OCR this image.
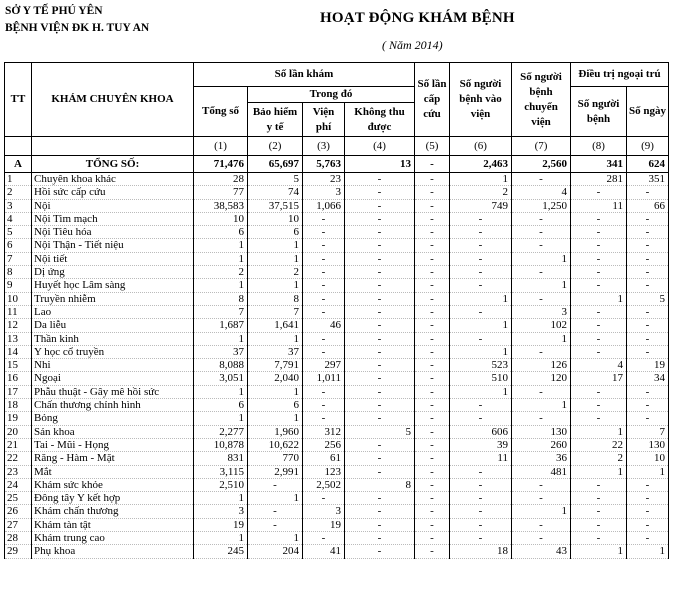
SỞ Y TẾ PHÚ YÊN
BỆNH VIỆN ĐK H. TUY AN
HOẠT ĐỘNG KHÁM BỆNH
( Năm 2014)
TT	KHÁM CHUYÊN KHOA	Số lần khám				Số lần cấp cứu	Số người bệnh vào viện	Số người bệnh chuyển viện	Điều trị ngoại trú	
		Tổng số	Trong đó						Số người bệnh	Số ngày
			Bảo hiểm y tế	Viện phí	Không thu được					
		(1)	(2)	(3)	(4)	(5)	(6)	(7)	(8)	(9)
A	TỔNG SỐ:	71,476	65,697	5,763	13	-	2,463	2,560	341	624
1	Chuyên khoa khác	28	5	23	-	-	1	-	281	351
2	Hồi sức cấp cứu	77	74	3	-	-	2	4	-	-
3	Nội	38,583	37,515	1,066	-	-	749	1,250	11	66
4	Nội Tim mạch	10	10	-	-	-	-	-	-	-
5	Nội Tiêu hóa	6	6	-	-	-	-	-	-	-
6	Nội Thận - Tiết niệu	1	1	-	-	-	-	-	-	-
7	Nội tiết	1	1	-	-	-	-	1	-	-
8	Dị ứng	2	2	-	-	-	-	-	-	-
9	Huyết học Lâm sàng	1	1	-	-	-	-	1	-	-
10	Truyền nhiễm	8	8	-	-	-	1	-	1	5
11	Lao	7	7	-	-	-	-	3	-	-
12	Da liễu	1,687	1,641	46	-	-	1	102	-	-
13	Thần kinh	1	1	-	-	-	-	1	-	-
14	Y học cổ truyền	37	37	-	-	-	1	-	-	-
15	Nhi	8,088	7,791	297	-	-	523	126	4	19
16	Ngoại	3,051	2,040	1,011	-	-	510	120	17	34
17	Phẫu thuật - Gây mê hồi sức	1	1	-	-	-	1	-	-	-
18	Chấn thương chỉnh hình	6	6	-	-	-	-	1	-	-
19	Bỏng	1	1	-	-	-	-	-	-	-
20	Sản khoa	2,277	1,960	312	5	-	606	130	1	7
21	Tai - Mũi - Họng	10,878	10,622	256	-	-	39	260	22	130
22	Răng - Hàm - Mặt	831	770	61	-	-	11	36	2	10
23	Mắt	3,115	2,991	123	-	-	-	481	1	1
24	Khám sức khỏe	2,510	-	2,502	8	-	-	-	-	-
25	Đông tây Y kết hợp	1	1	-	-	-	-	-	-	-
26	Khám chấn thương	3	-	3	-	-	-	1	-	-
27	Khám tàn tật	19	-	19	-	-	-	-	-	-
28	Khám trung cao	1	1	-	-	-	-	-	-	-
29	Phụ khoa	245	204	41	-	-	18	43	1	1
